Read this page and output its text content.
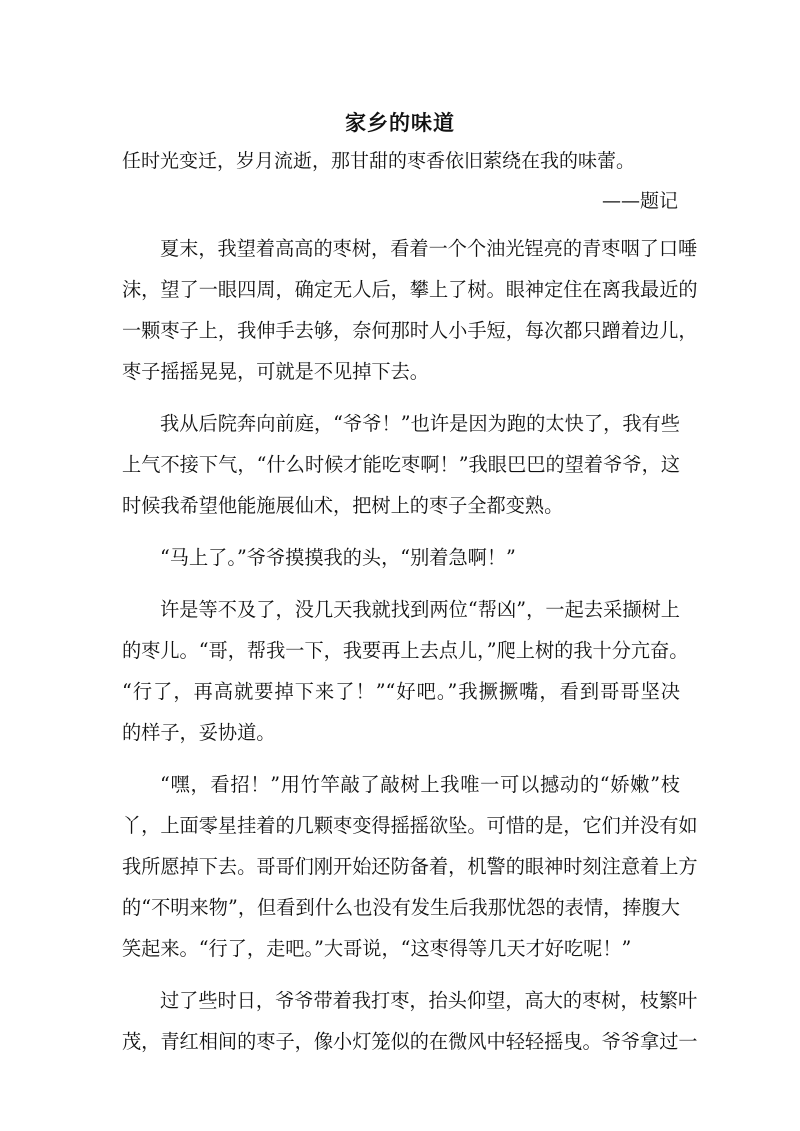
家乡的味道
任时光变迁，岁月流逝，那甘甜的枣香依旧萦绕在我的味蕾。
——题记
夏末，我望着高高的枣树，看着一个个油光锃亮的青枣咽了口唾
沫，望了一眼四周，确定无人后，攀上了树。眼神定住在离我最近的
一颗枣子上，我伸手去够，奈何那时人小手短，每次都只蹭着边儿，
枣子摇摇晃晃，可就是不见掉下去。
我从后院奔向前庭，“爷爷！”也许是因为跑的太快了，我有些
上气不接下气，“什么时候才能吃枣啊！”我眼巴巴的望着爷爷，这
时候我希望他能施展仙术，把树上的枣子全都变熟。
“马上了。”爷爷摸摸我的头，“别着急啊！”
许是等不及了，没几天我就找到两位“帮凶”，一起去采撷树上
的枣儿。“哥，帮我一下，我要再上去点儿，”爬上树的我十分亢奋。
“行了，再高就要掉下来了！”“好吧。”我撅撅嘴，看到哥哥坚决
的样子，妥协道。
“嘿，看招！”用竹竿敲了敲树上我唯一可以撼动的“娇嫩”枝
丫，上面零星挂着的几颗枣变得摇摇欲坠。可惜的是，它们并没有如
我所愿掉下去。哥哥们刚开始还防备着，机警的眼神时刻注意着上方
的“不明来物”，但看到什么也没有发生后我那忧怨的表情，捧腹大
笑起来。“行了，走吧。”大哥说，“这枣得等几天才好吃呢！”
过了些时日，爷爷带着我打枣，抬头仰望，高大的枣树，枝繁叶
茂，青红相间的枣子，像小灯笼似的在微风中轻轻摇曳。爷爷拿过一
